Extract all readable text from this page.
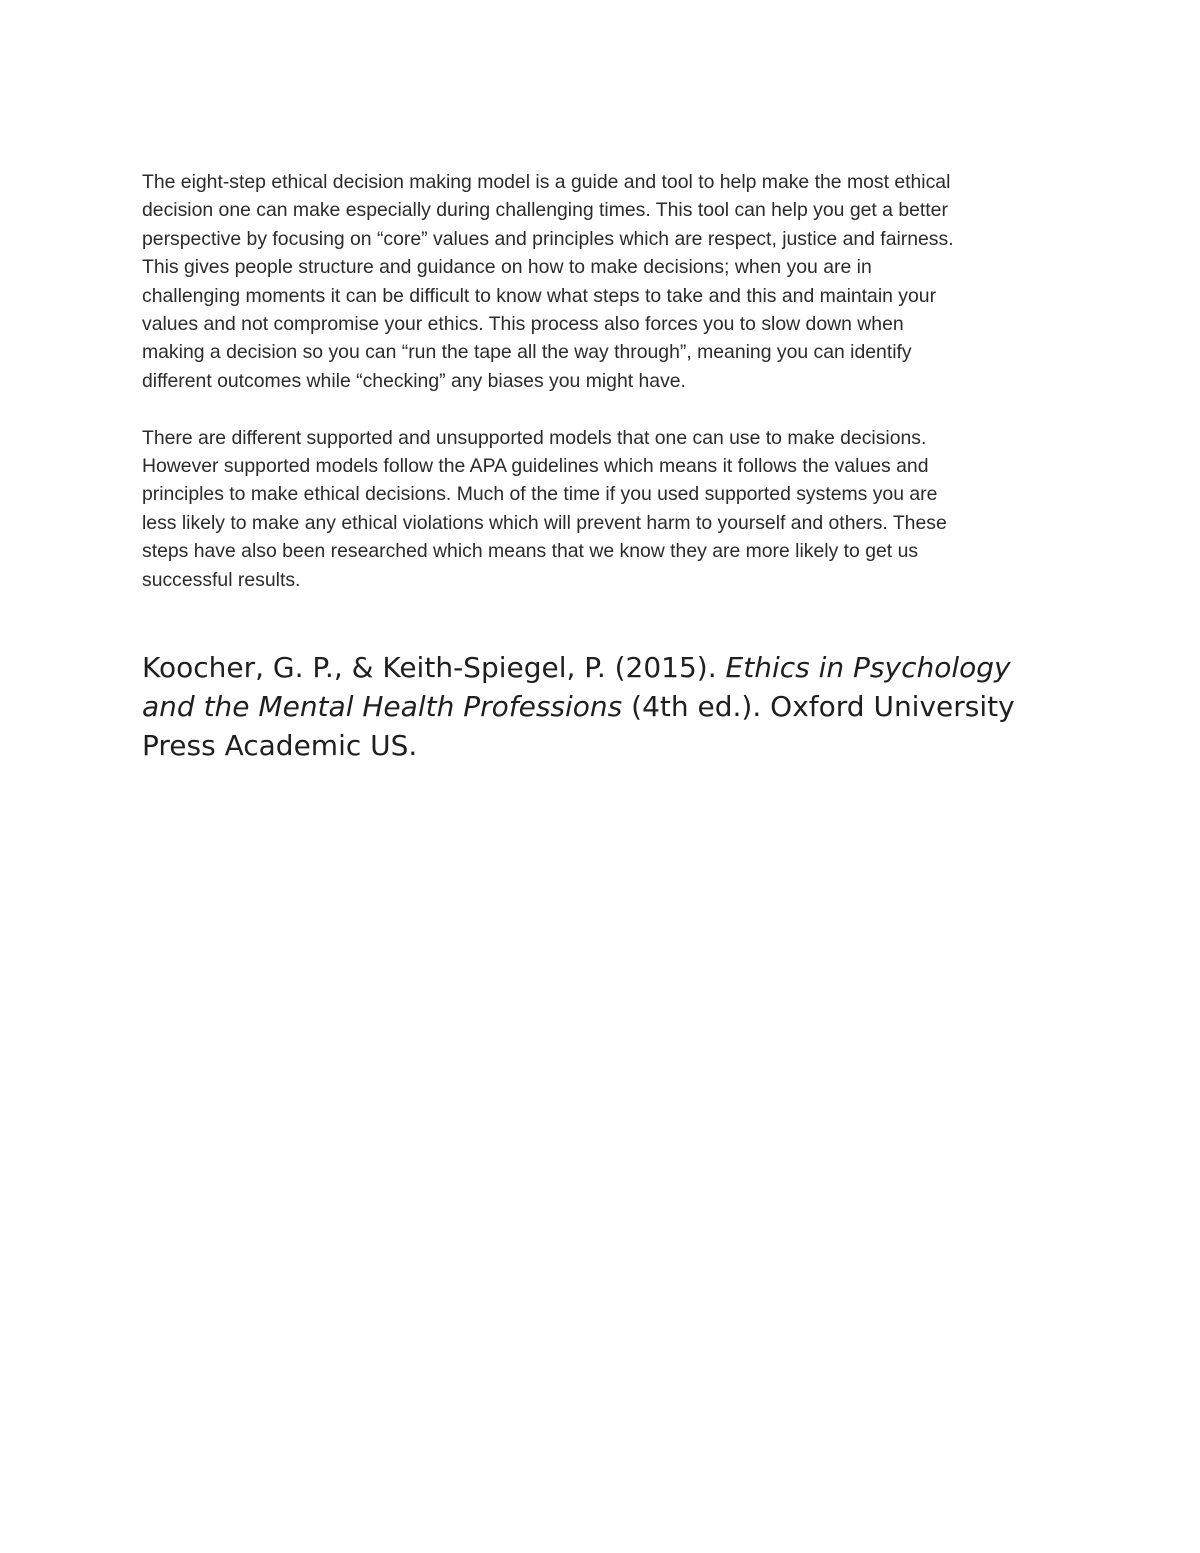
The eight-step ethical decision making model is a guide and tool to help make the most ethical
decision one can make especially during challenging times. This tool can help you get a better
perspective by focusing on “core” values and principles which are respect, justice and fairness.
This gives people structure and guidance on how to make decisions; when you are in
challenging moments it can be difficult to know what steps to take and this and maintain your
values and not compromise your ethics. This process also forces you to slow down when
making a decision so you can “run the tape all the way through”, meaning you can identify
different outcomes while “checking” any biases you might have.

There are different supported and unsupported models that one can use to make decisions.
However supported models follow the APA guidelines which means it follows the values and
principles to make ethical decisions. Much of the time if you used supported systems you are
less likely to make any ethical violations which will prevent harm to yourself and others. These
steps have also been researched which means that we know they are more likely to get us
successful results.

Koocher, G. P., & Keith-Spiegel, P. (2015). Ethics in Psychology
and the Mental Health Professions (4th ed.). Oxford University
Press Academic US.
